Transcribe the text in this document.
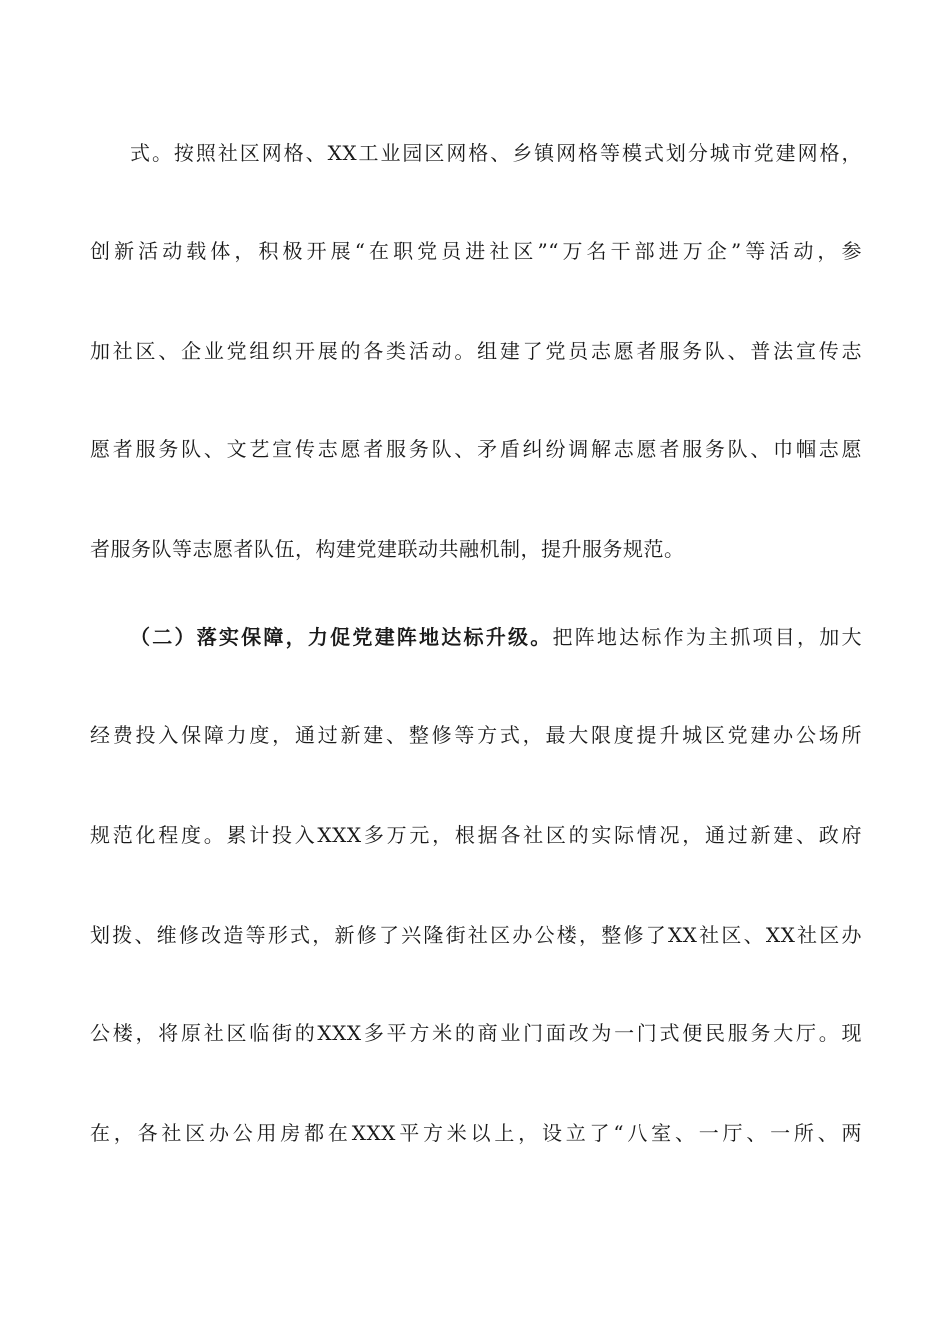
式。按照社区网格、XX工业园区网格、乡镇网格等模式划分城市党建网格，
创新活动载体，积极开展“在职党员进社区”“万名干部进万企”等活动，参
加社区、企业党组织开展的各类活动。组建了党员志愿者服务队、普法宣传志
愿者服务队、文艺宣传志愿者服务队、矛盾纠纷调解志愿者服务队、巾帼志愿
者服务队等志愿者队伍，构建党建联动共融机制，提升服务规范。
（二）落实保障，力促党建阵地达标升级。把阵地达标作为主抓项目，加大
经费投入保障力度，通过新建、整修等方式，最大限度提升城区党建办公场所
规范化程度。累计投入XXX多万元，根据各社区的实际情况，通过新建、政府
划拨、维修改造等形式，新修了兴隆街社区办公楼，整修了XX社区、XX社区办
公楼，将原社区临街的XXX多平方米的商业门面改为一门式便民服务大厅。现
在，各社区办公用房都在XXX平方米以上，设立了“八室、一厅、一所、两
